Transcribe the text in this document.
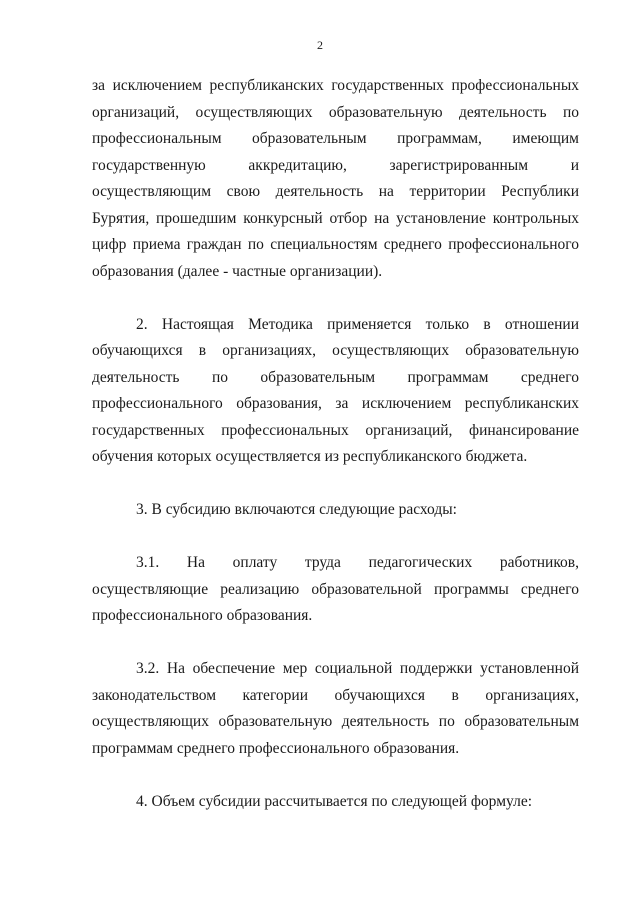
2

за исключением республиканских государственных профессиональных организаций, осуществляющих образовательную деятельность по профессиональным образовательным программам, имеющим государственную аккредитацию, зарегистрированным и осуществляющим свою деятельность на территории Республики Бурятия, прошедшим конкурсный отбор на установление контрольных цифр приема граждан по специальностям среднего профессионального образования (далее - частные организации).

2. Настоящая Методика применяется только в отношении обучающихся в организациях, осуществляющих образовательную деятельность по образовательным программам среднего профессионального образования, за исключением республиканских государственных профессиональных организаций, финансирование обучения которых осуществляется из республиканского бюджета.

3. В субсидию включаются следующие расходы:

3.1. На оплату труда педагогических работников, осуществляющие реализацию образовательной программы среднего профессионального образования.

3.2. На обеспечение мер социальной поддержки установленной законодательством категории обучающихся в организациях, осуществляющих образовательную деятельность по образовательным программам среднего профессионального образования.

4. Объем субсидии рассчитывается по следующей формуле:
